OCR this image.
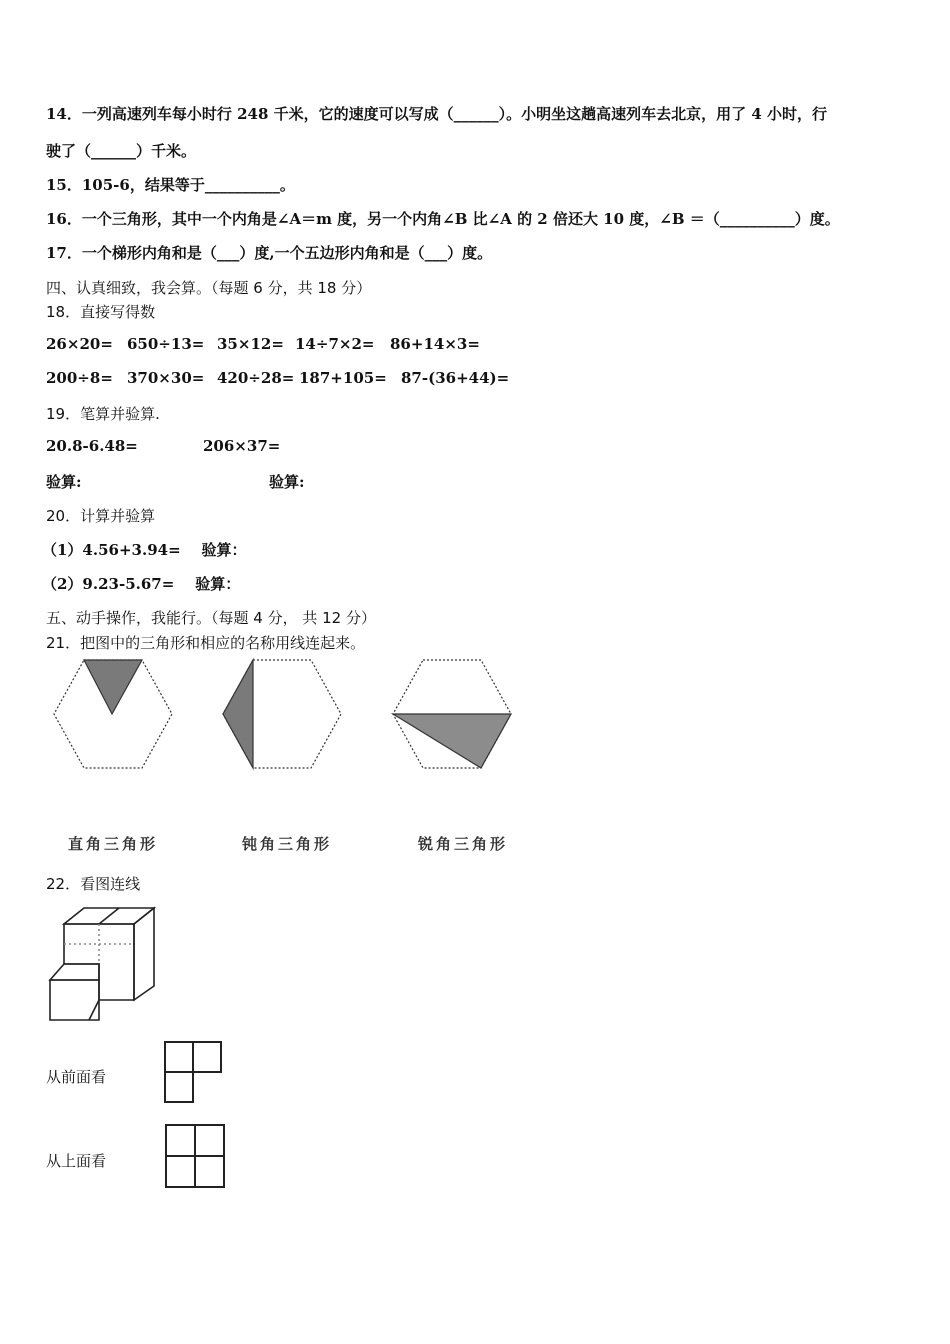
14．一列高速列车每小时行 248 千米，它的速度可以写成（______）。小明坐这趟高速列车去北京，用了 4 小时，行
驶了（______）千米。
15．105-6，结果等于__________。
16．一个三角形，其中一个内角是∠A＝m 度，另一个内角∠B 比∠A 的 2 倍还大 10 度，∠B ＝（__________）度。
17．一个梯形内角和是（___）度,一个五边形内角和是（___）度。
四、认真细致，我会算。（每题 6 分，共 18 分）
18．直接写得数
26×20= 650÷13= 35×12= 14÷7×2= 86+14×3=
200÷8= 370×30= 420÷28= 187+105= 87-(36+44)=
19．笔算并验算.
20.8-6.48=	206×37=
验算:	验算:
20．计算并验算
（1）4.56+3.94= 验算：
（2）9.23-5.67= 验算：
五、动手操作，我能行。（每题 4 分， 共 12 分）
21．把图中的三角形和相应的名称用线连起来。
直角三角形	钝角三角形	锐角三角形
22．看图连线
从前面看
从上面看
